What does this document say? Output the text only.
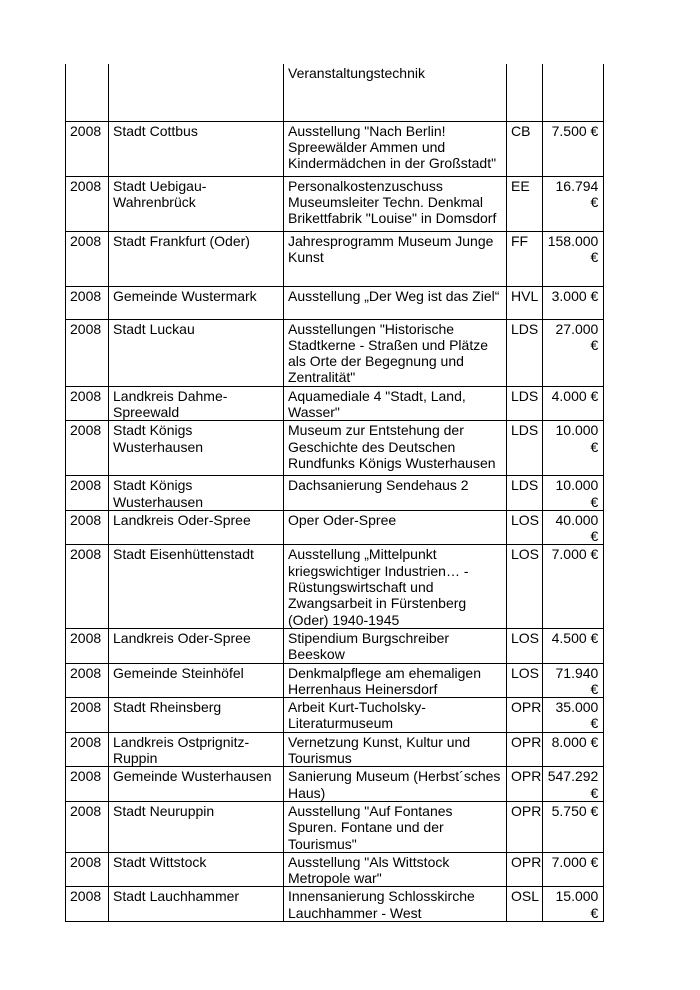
		Veranstaltungstechnik		
2008	Stadt Cottbus	Ausstellung "Nach Berlin! Spreewälder Ammen und Kindermädchen in der Großstadt"	CB	7.500 €
2008	Stadt Uebigau-Wahrenbrück	Personalkostenzuschuss Museumsleiter Techn. Denkmal Brikettfabrik "Louise" in Domsdorf	EE	16.794 €
2008	Stadt Frankfurt (Oder)	Jahresprogramm Museum Junge Kunst	FF	158.000 €
2008	Gemeinde Wustermark	Ausstellung „Der Weg ist das Ziel“	HVL	3.000 €
2008	Stadt Luckau	Ausstellungen "Historische Stadtkerne - Straßen und Plätze als Orte der Begegnung und Zentralität"	LDS	27.000 €
2008	Landkreis Dahme-Spreewald	Aquamediale 4 "Stadt, Land, Wasser"	LDS	4.000 €
2008	Stadt Königs Wusterhausen	Museum zur Entstehung der Geschichte des Deutschen Rundfunks Königs Wusterhausen	LDS	10.000 €
2008	Stadt Königs Wusterhausen	Dachsanierung Sendehaus 2	LDS	10.000 €
2008	Landkreis Oder-Spree	Oper Oder-Spree	LOS	40.000 €
2008	Stadt Eisenhüttenstadt	Ausstellung „Mittelpunkt kriegswichtiger Industrien… - Rüstungswirtschaft und Zwangsarbeit in Fürstenberg (Oder) 1940-1945	LOS	7.000 €
2008	Landkreis Oder-Spree	Stipendium Burgschreiber Beeskow	LOS	4.500 €
2008	Gemeinde Steinhöfel	Denkmalpflege am ehemaligen Herrenhaus Heinersdorf	LOS	71.940 €
2008	Stadt Rheinsberg	Arbeit Kurt-Tucholsky-Literaturmuseum	OPR	35.000 €
2008	Landkreis Ostprignitz-Ruppin	Vernetzung Kunst, Kultur und Tourismus	OPR	8.000 €
2008	Gemeinde Wusterhausen	Sanierung Museum (Herbst´sches Haus)	OPR	547.292 €
2008	Stadt Neuruppin	Ausstellung "Auf Fontanes Spuren. Fontane und der Tourismus"	OPR	5.750 €
2008	Stadt Wittstock	Ausstellung "Als Wittstock Metropole war"	OPR	7.000 €
2008	Stadt Lauchhammer	Innensanierung Schlosskirche Lauchhammer - West	OSL	15.000 €
